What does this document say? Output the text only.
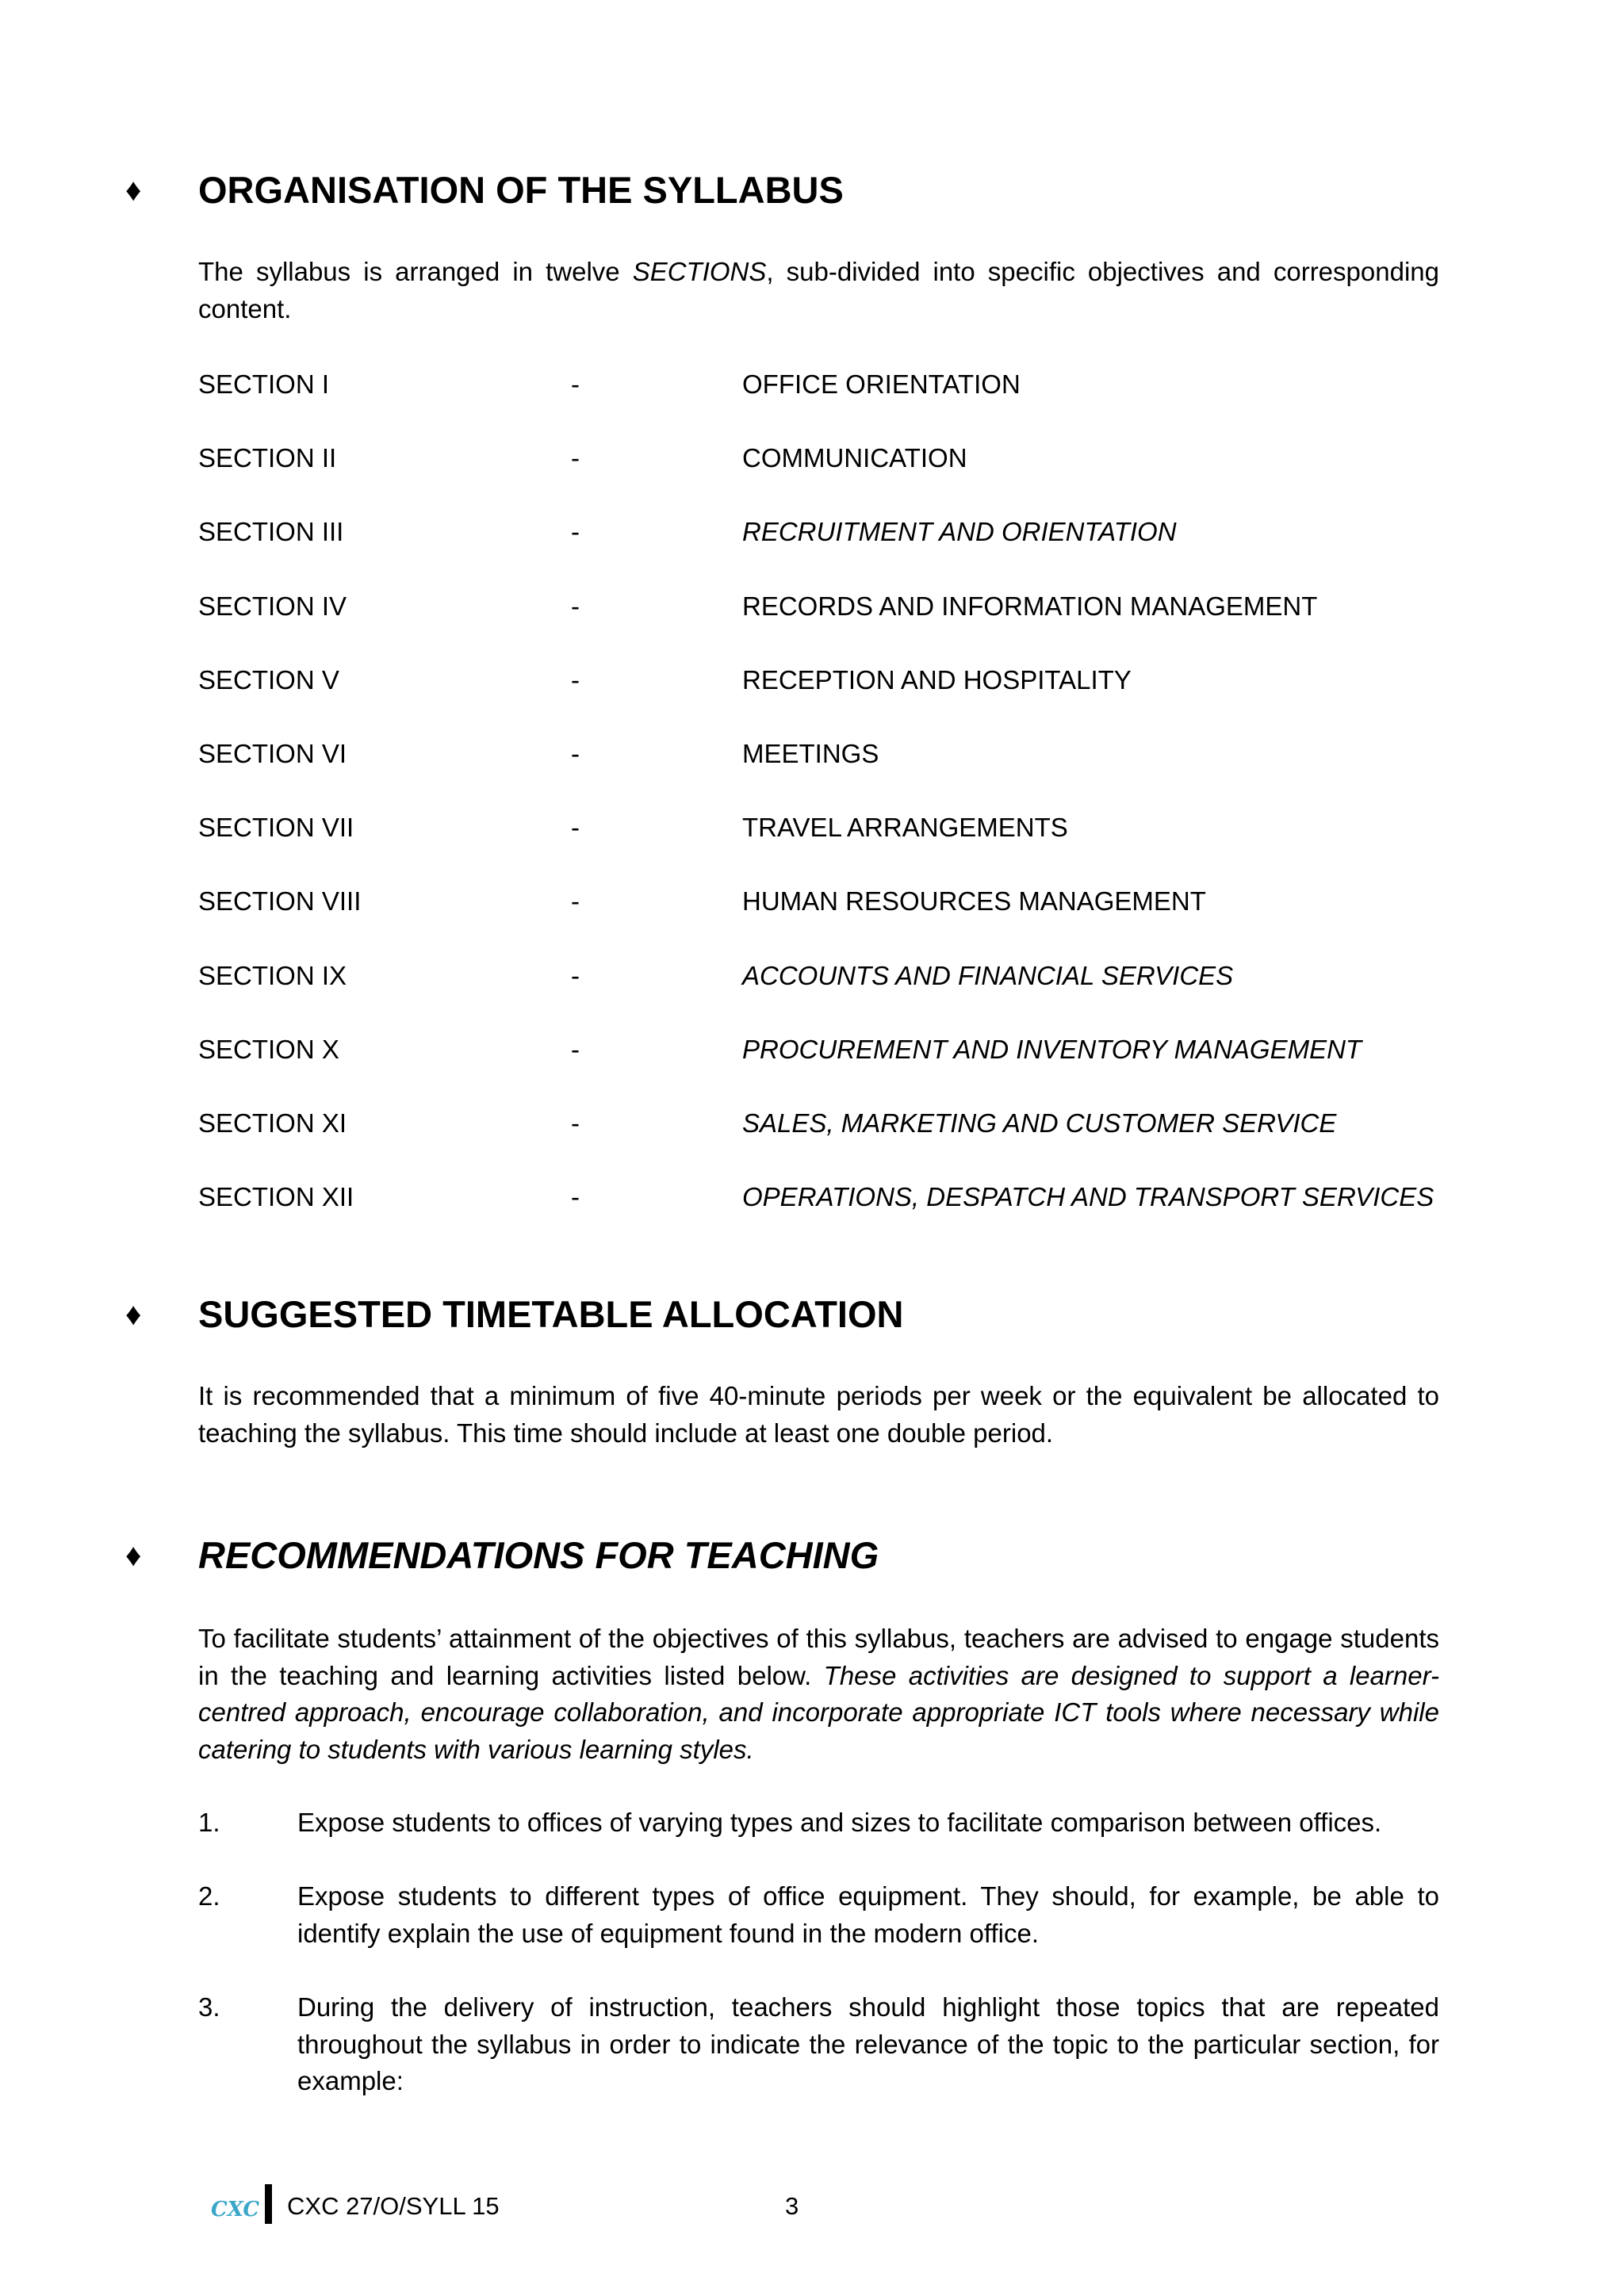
♦ ORGANISATION OF THE SYLLABUS
The syllabus is arranged in twelve SECTIONS, sub-divided into specific objectives and corresponding content.
SECTION I	-	OFFICE ORIENTATION
SECTION II	-	COMMUNICATION
SECTION III	-	RECRUITMENT AND ORIENTATION
SECTION IV	-	RECORDS AND INFORMATION MANAGEMENT
SECTION V	-	RECEPTION AND HOSPITALITY
SECTION VI	-	MEETINGS
SECTION VII	-	TRAVEL ARRANGEMENTS
SECTION VIII	-	HUMAN RESOURCES MANAGEMENT
SECTION IX	-	ACCOUNTS AND FINANCIAL SERVICES
SECTION X	-	PROCUREMENT AND INVENTORY MANAGEMENT
SECTION XI	-	SALES, MARKETING AND CUSTOMER SERVICE
SECTION XII	-	OPERATIONS, DESPATCH AND TRANSPORT SERVICES
♦ SUGGESTED TIMETABLE ALLOCATION
It is recommended that a minimum of five 40-minute periods per week or the equivalent be allocated to teaching the syllabus. This time should include at least one double period.
♦ RECOMMENDATIONS FOR TEACHING
To facilitate students’ attainment of the objectives of this syllabus, teachers are advised to engage students in the teaching and learning activities listed below. These activities are designed to support a learner-centred approach, encourage collaboration, and incorporate appropriate ICT tools where necessary while catering to students with various learning styles.
1.	Expose students to offices of varying types and sizes to facilitate comparison between offices.
2.	Expose students to different types of office equipment. They should, for example, be able to identify explain the use of equipment found in the modern office.
3.	During the delivery of instruction, teachers should highlight those topics that are repeated throughout the syllabus in order to indicate the relevance of the topic to the particular section, for example:
CXC CXC 27/O/SYLL 15	3
